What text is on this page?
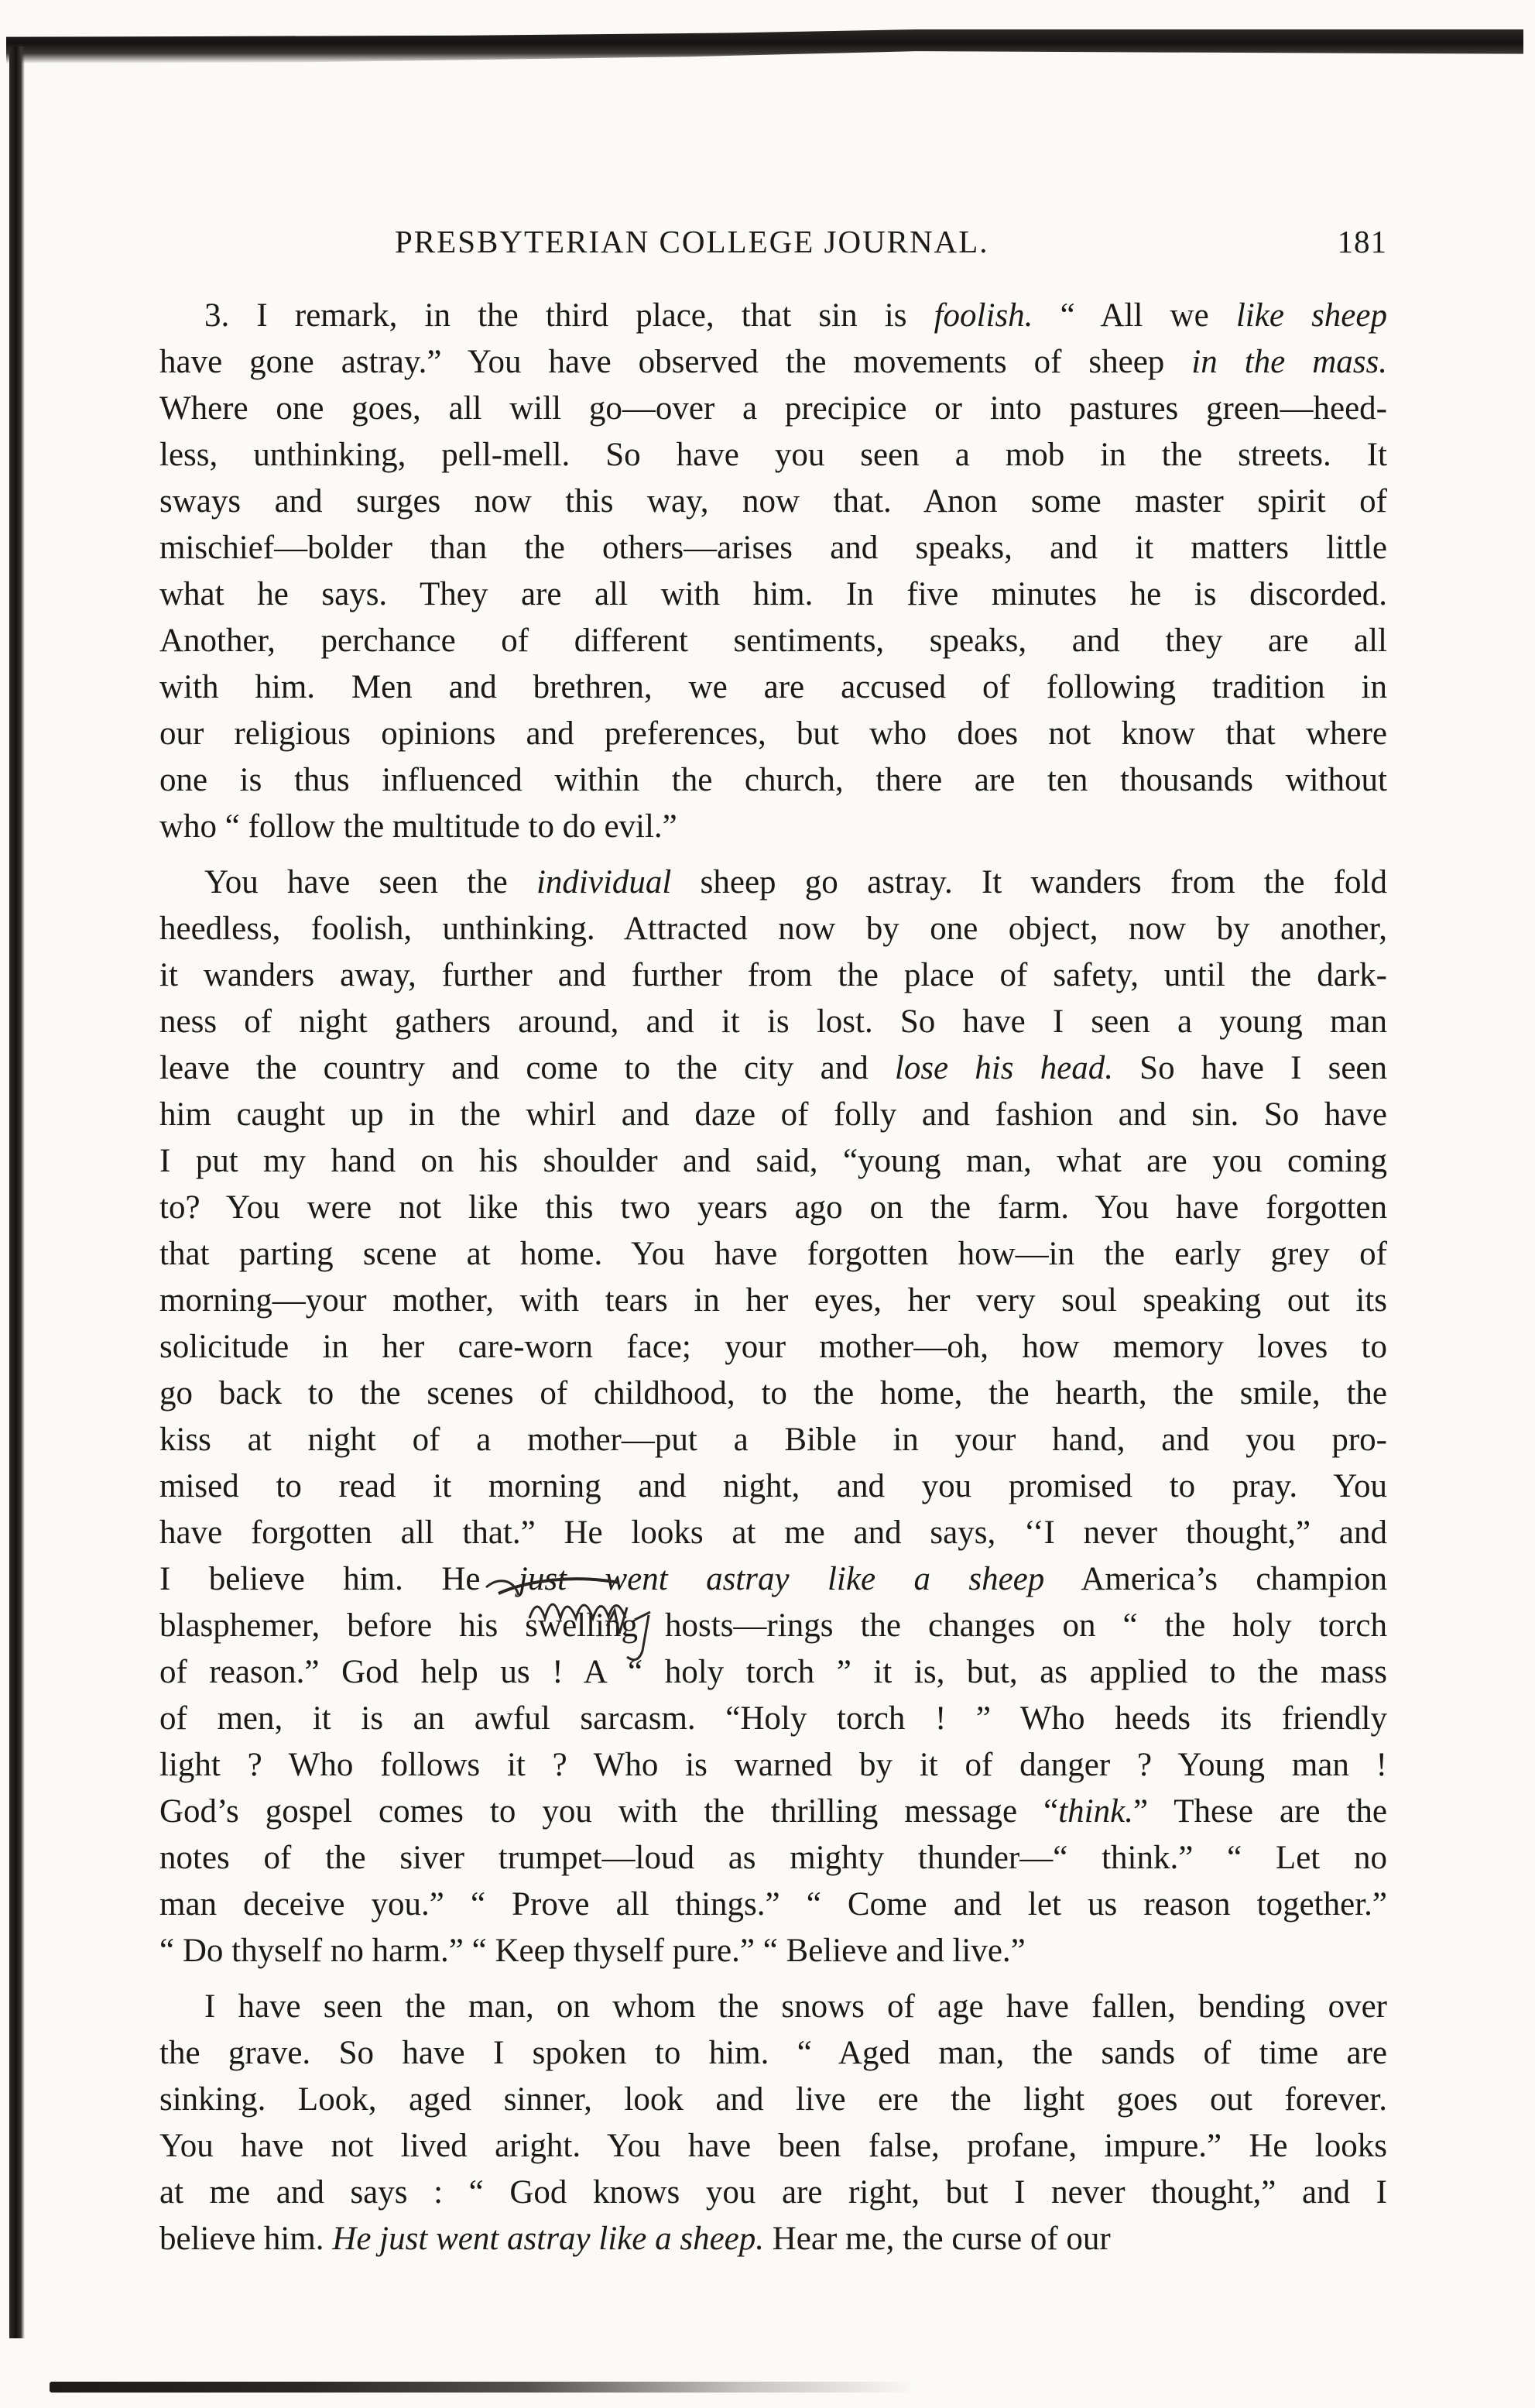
PRESBYTERIAN COLLEGE JOURNAL.	181

3. I remark, in the third place, that sin is foolish. “ All we like sheep
have gone astray.” You have observed the movements of sheep in the mass.
Where one goes, all will go—over a precipice or into pastures green—heed-
less, unthinking, pell-mell. So have you seen a mob in the streets. It
sways and surges now this way, now that. Anon some master spirit of
mischief—bolder than the others—arises and speaks, and it matters little
what he says. They are all with him. In five minutes he is discorded.
Another, perchance of different sentiments, speaks, and they are all
with him. Men and brethren, we are accused of following tradition in
our religious opinions and preferences, but who does not know that where
one is thus influenced within the church, there are ten thousands without
who “ follow the multitude to do evil.”

You have seen the individual sheep go astray. It wanders from the fold
heedless, foolish, unthinking. Attracted now by one object, now by another,
it wanders away, further and further from the place of safety, until the dark-
ness of night gathers around, and it is lost. So have I seen a young man
leave the country and come to the city and lose his head. So have I seen
him caught up in the whirl and daze of folly and fashion and sin. So have
I put my hand on his shoulder and said, “young man, what are you coming
to? You were not like this two years ago on the farm. You have forgotten
that parting scene at home. You have forgotten how—in the early grey of
morning—your mother, with tears in her eyes, her very soul speaking out its
solicitude in her care-worn face; your mother—oh, how memory loves to
go back to the scenes of childhood, to the home, the hearth, the smile, the
kiss at night of a mother—put a Bible in your hand, and you pro-
mised to read it morning and night, and you promised to pray. You
have forgotten all that.” He looks at me and says, ‘‘I never thought,” and
I believe him. He just went astray like a sheep America’s champion
blasphemer, before his swelling hosts—rings the changes on “ the holy torch
of reason.” God help us ! A “ holy torch ” it is, but, as applied to the mass
of men, it is an awful sarcasm. “Holy torch ! ” Who heeds its friendly
light ? Who follows it ? Who is warned by it of danger ? Young man !
God’s gospel comes to you with the thrilling message “think.” These are the
notes of the siver trumpet—loud as mighty thunder—“ think.” “ Let no
man deceive you.” “ Prove all things.” “ Come and let us reason together.”
“ Do thyself no harm.” “ Keep thyself pure.” “ Believe and live.”

I have seen the man, on whom the snows of age have fallen, bending over
the grave. So have I spoken to him. “ Aged man, the sands of time are
sinking. Look, aged sinner, look and live ere the light goes out forever.
You have not lived aright. You have been false, profane, impure.” He looks
at me and says : “ God knows you are right, but I never thought,” and I
believe him. He just went astray like a sheep. Hear me, the curse of our
